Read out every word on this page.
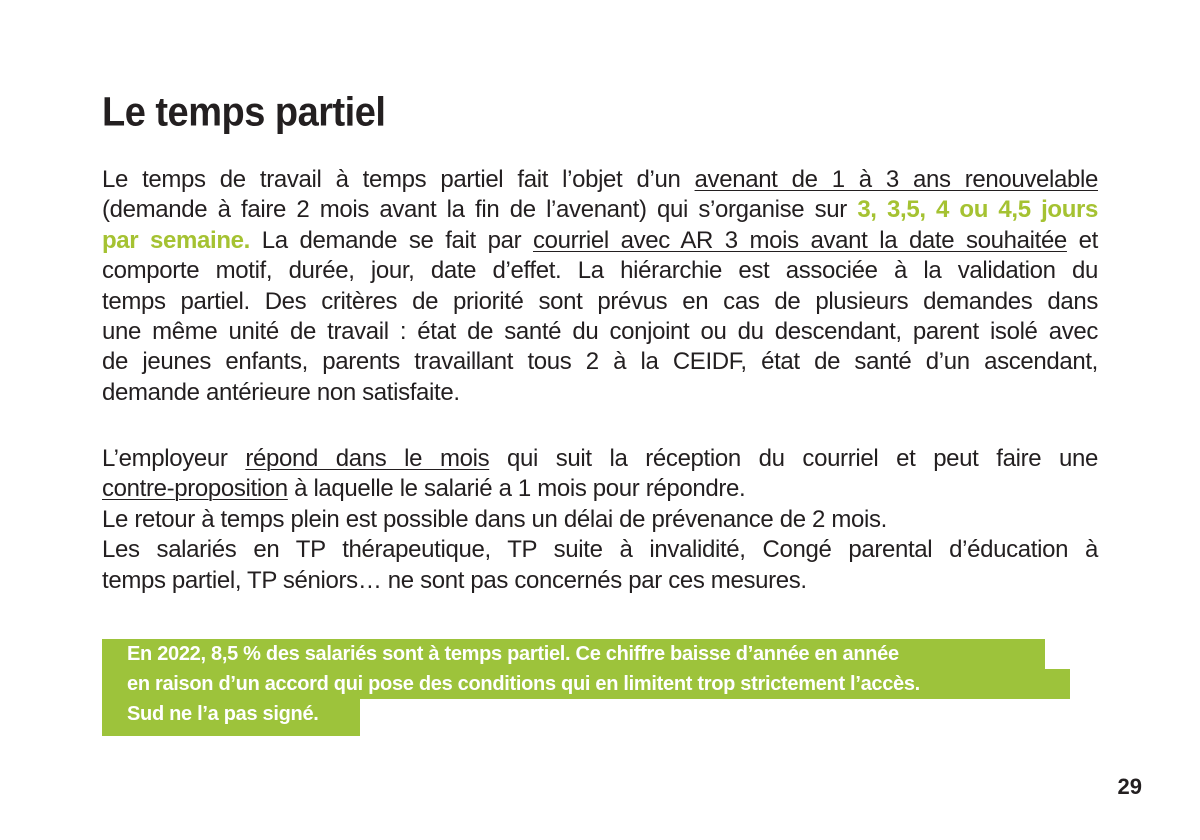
Le temps partiel
Le temps de travail à temps partiel fait l’objet d’un avenant de 1 à 3 ans renouvelable
(demande à faire 2 mois avant la fin de l’avenant) qui s’organise sur 3, 3,5, 4 ou 4,5 jours
par semaine. La demande se fait par courriel avec AR 3 mois avant la date souhaitée et
comporte motif, durée, jour, date d’effet. La hiérarchie est associée à la validation du
temps partiel. Des critères de priorité sont prévus en cas de plusieurs demandes dans
une même unité de travail : état de santé du conjoint ou du descendant, parent isolé avec
de jeunes enfants, parents travaillant tous 2 à la CEIDF, état de santé d’un ascendant,
demande antérieure non satisfaite.
L’employeur répond dans le mois qui suit la réception du courriel et peut faire une
contre-proposition à laquelle le salarié a 1 mois pour répondre.
Le retour à temps plein est possible dans un délai de prévenance de 2 mois.
Les salariés en TP thérapeutique, TP suite à invalidité, Congé parental d’éducation à
temps partiel, TP séniors… ne sont pas concernés par ces mesures.
En 2022, 8,5 % des salariés sont à temps partiel. Ce chiffre baisse d’année en année
en raison d’un accord qui pose des conditions qui en limitent trop strictement l’accès.
Sud ne l’a pas signé.
29
